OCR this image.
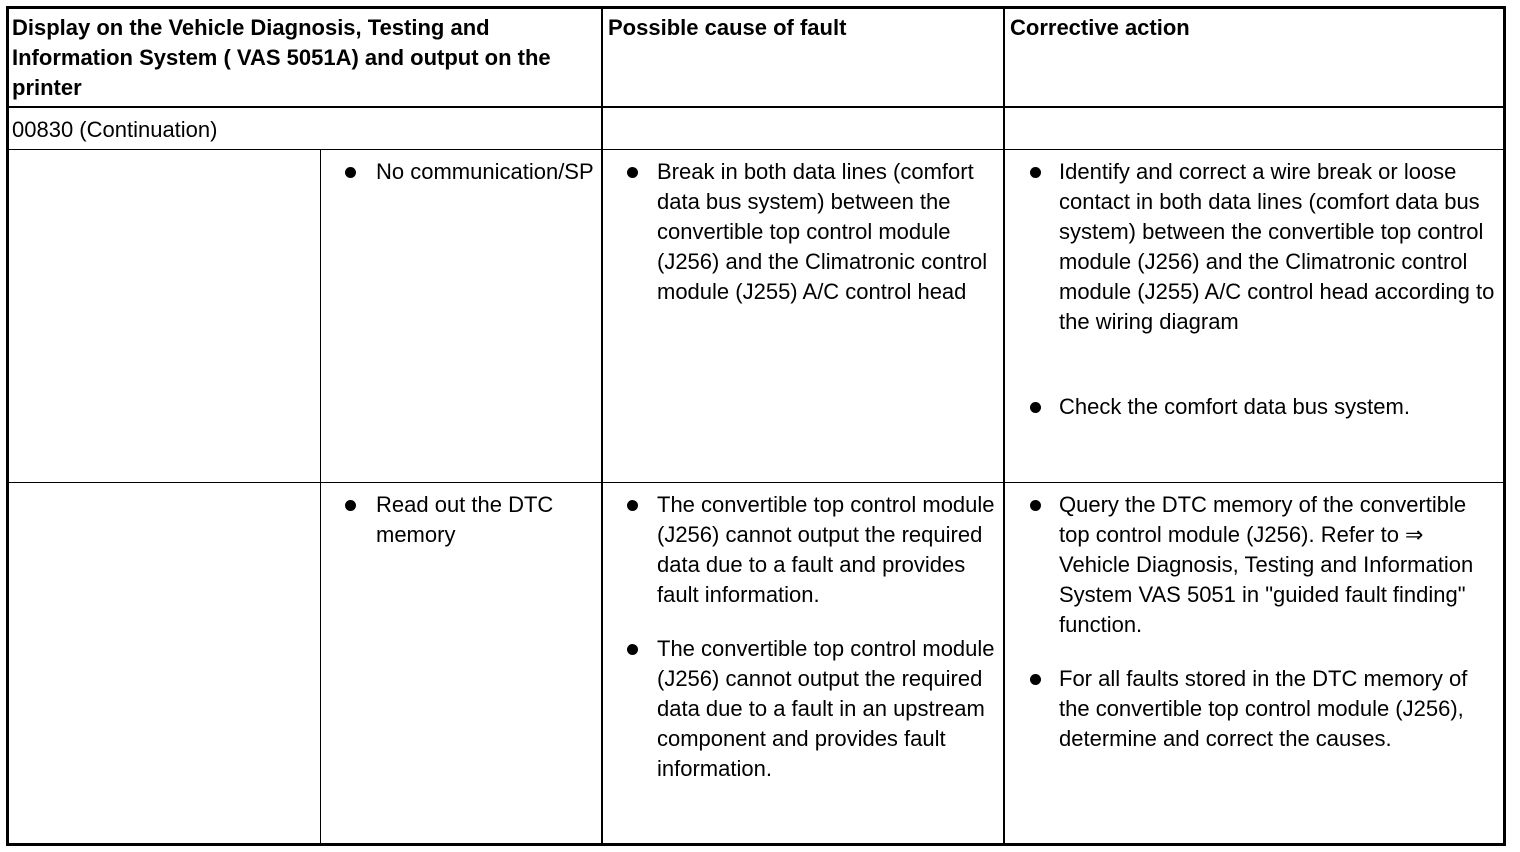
Display on the Vehicle Diagnosis, Testing and Information System ( VAS 5051A) and output on the printer
Possible cause of fault	Corrective action
00830 (Continuation)
No communication/SP	Break in both data lines (comfort data bus system) between the convertible top control module (J256) and the Climatronic control module (J255) A/C control head
Identify and correct a wire break or loose contact in both data lines (comfort data bus system) between the convertible top control module (J256) and the Climatronic control module (J255) A/C control head according to the wiring diagram
Check the comfort data bus system.
Read out the DTC memory
The convertible top control module (J256) cannot output the required data due to a fault and provides fault information.
The convertible top control module (J256) cannot output the required data due to a fault in an upstream component and provides fault information.
Query the DTC memory of the convertible top control module (J256). Refer to ⇒ Vehicle Diagnosis, Testing and Information System VAS 5051 in "guided fault finding" function.
For all faults stored in the DTC memory of the convertible top control module (J256), determine and correct the causes.
